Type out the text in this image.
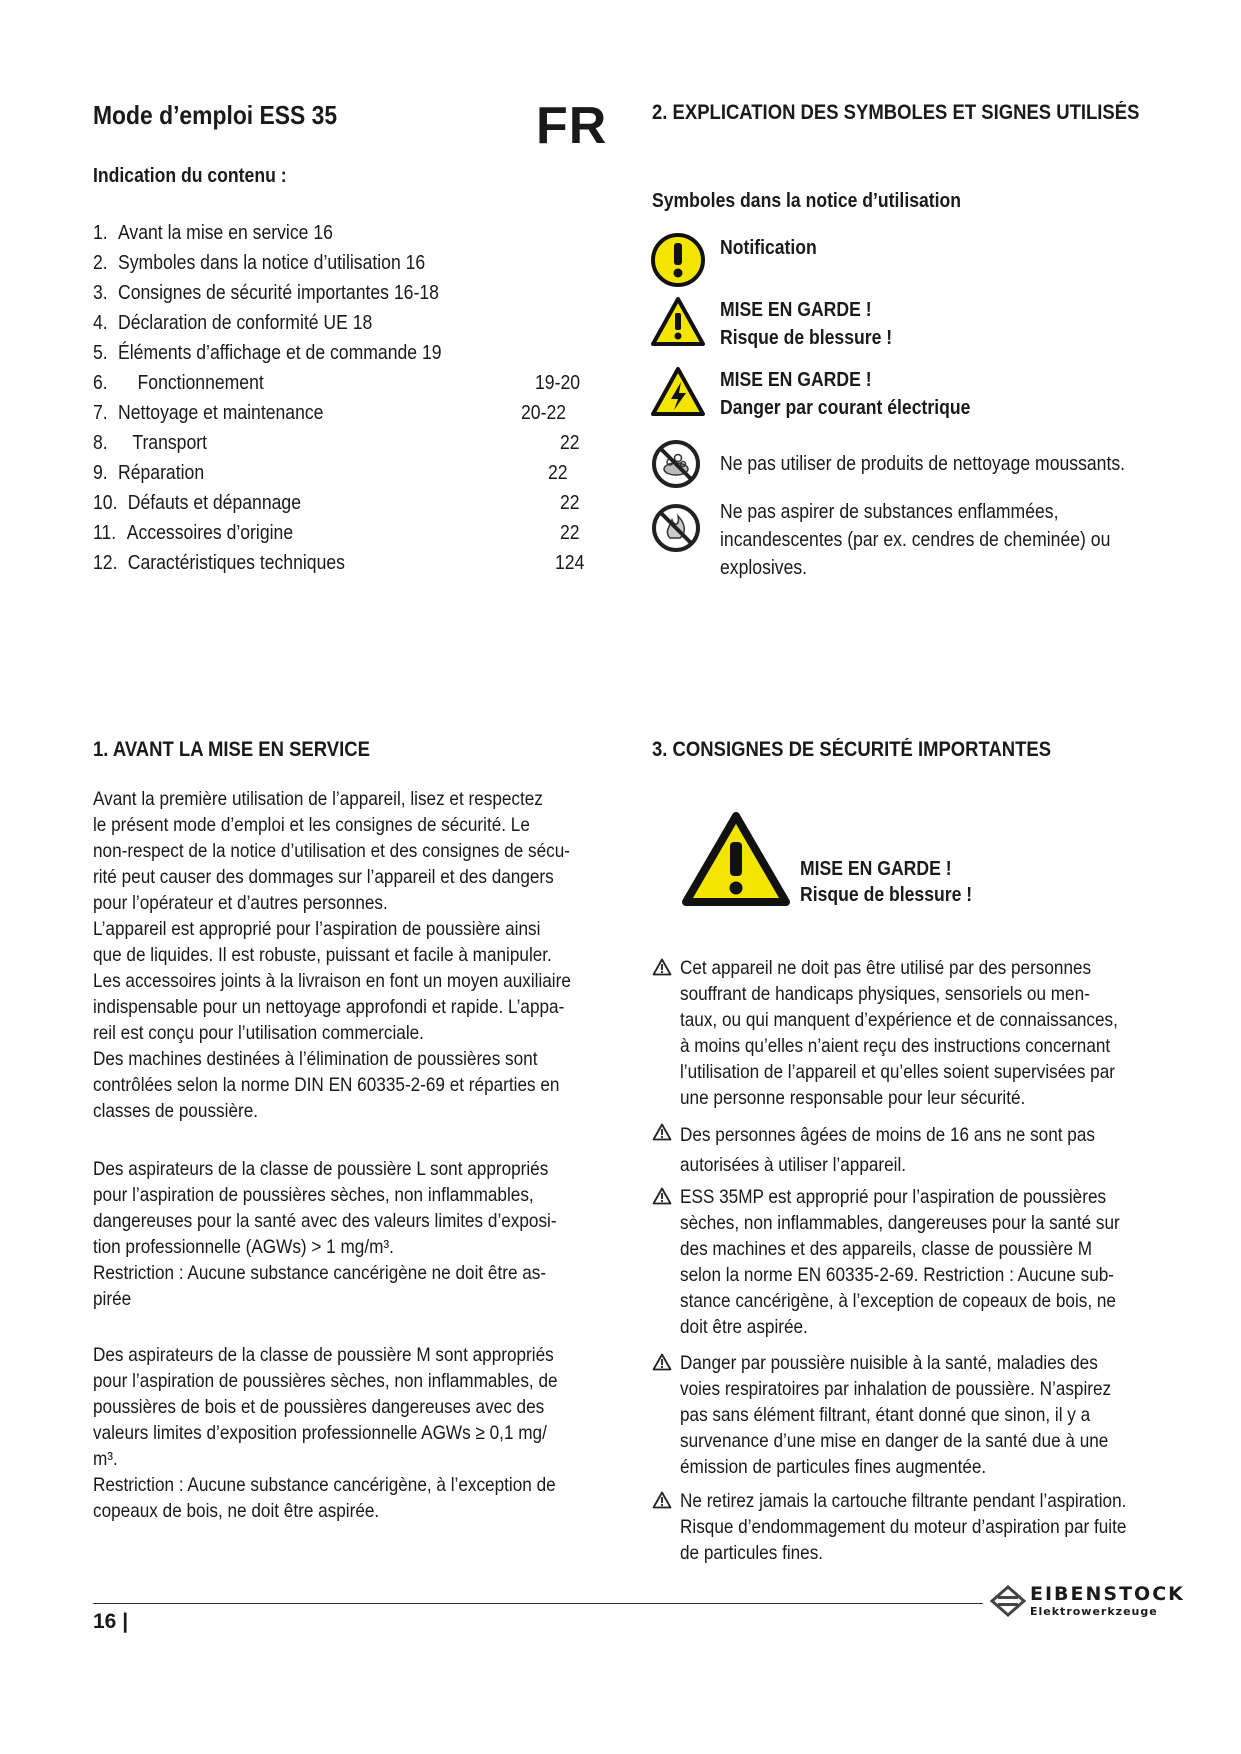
Mode d’emploi ESS 35	FR
Indication du contenu :
1. Avant la mise en service 16
2. Symboles dans la notice d’utilisation 16
3. Consignes de sécurité importantes 16-18
4. Déclaration de conformité UE 18
5. Éléments d’affichage et de commande 19
6. Fonctionnement	19-20
7. Nettoyage et maintenance	20-22
8. Transport	22
9. Réparation	22
10. Défauts et dépannage	22
11. Accessoires d’origine	22
12. Caractéristiques techniques	124
2. EXPLICATION DES SYMBOLES ET SIGNES UTILISÉS
Symboles dans la notice d’utilisation
Notification
MISE EN GARDE !
Risque de blessure !
MISE EN GARDE !
Danger par courant électrique
Ne pas utiliser de produits de nettoyage moussants.
Ne pas aspirer de substances enflammées,
incandescentes (par ex. cendres de cheminée) ou
explosives.
1. AVANT LA MISE EN SERVICE
Avant la première utilisation de l’appareil, lisez et respectez
le présent mode d’emploi et les consignes de sécurité. Le
non-respect de la notice d’utilisation et des consignes de sécu-
rité peut causer des dommages sur l’appareil et des dangers
pour l’opérateur et d’autres personnes.
L’appareil est approprié pour l’aspiration de poussière ainsi
que de liquides. Il est robuste, puissant et facile à manipuler.
Les accessoires joints à la livraison en font un moyen auxiliaire
indispensable pour un nettoyage approfondi et rapide. L’appa-
reil est conçu pour l’utilisation commerciale.
Des machines destinées à l’élimination de poussières sont
contrôlées selon la norme DIN EN 60335-2-69 et réparties en
classes de poussière.
Des aspirateurs de la classe de poussière L sont appropriés
pour l’aspiration de poussières sèches, non inflammables,
dangereuses pour la santé avec des valeurs limites d’exposi-
tion professionnelle (AGWs) > 1 mg/m³.
Restriction : Aucune substance cancérigène ne doit être as-
pirée
Des aspirateurs de la classe de poussière M sont appropriés
pour l’aspiration de poussières sèches, non inflammables, de
poussières de bois et de poussières dangereuses avec des
valeurs limites d’exposition professionnelle AGWs ≥ 0,1 mg/
m³.
Restriction : Aucune substance cancérigène, à l’exception de
copeaux de bois, ne doit être aspirée.
3. CONSIGNES DE SÉCURITÉ IMPORTANTES
MISE EN GARDE !
Risque de blessure !
Cet appareil ne doit pas être utilisé par des personnes
souffrant de handicaps physiques, sensoriels ou men-
taux, ou qui manquent d’expérience et de connaissances,
à moins qu’elles n’aient reçu des instructions concernant
l’utilisation de l’appareil et qu’elles soient supervisées par
une personne responsable pour leur sécurité.
Des personnes âgées de moins de 16 ans ne sont pas
autorisées à utiliser l’appareil.
ESS 35MP est approprié pour l’aspiration de poussières
sèches, non inflammables, dangereuses pour la santé sur
des machines et des appareils, classe de poussière M
selon la norme EN 60335-2-69. Restriction : Aucune sub-
stance cancérigène, à l’exception de copeaux de bois, ne
doit être aspirée.
Danger par poussière nuisible à la santé, maladies des
voies respiratoires par inhalation de poussière. N’aspirez
pas sans élément filtrant, étant donné que sinon, il y a
survenance d’une mise en danger de la santé due à une
émission de particules fines augmentée.
Ne retirez jamais la cartouche filtrante pendant l’aspiration.
Risque d’endommagement du moteur d’aspiration par fuite
de particules fines.
16 |
EIBENSTOCK
Elektrowerkzeuge
